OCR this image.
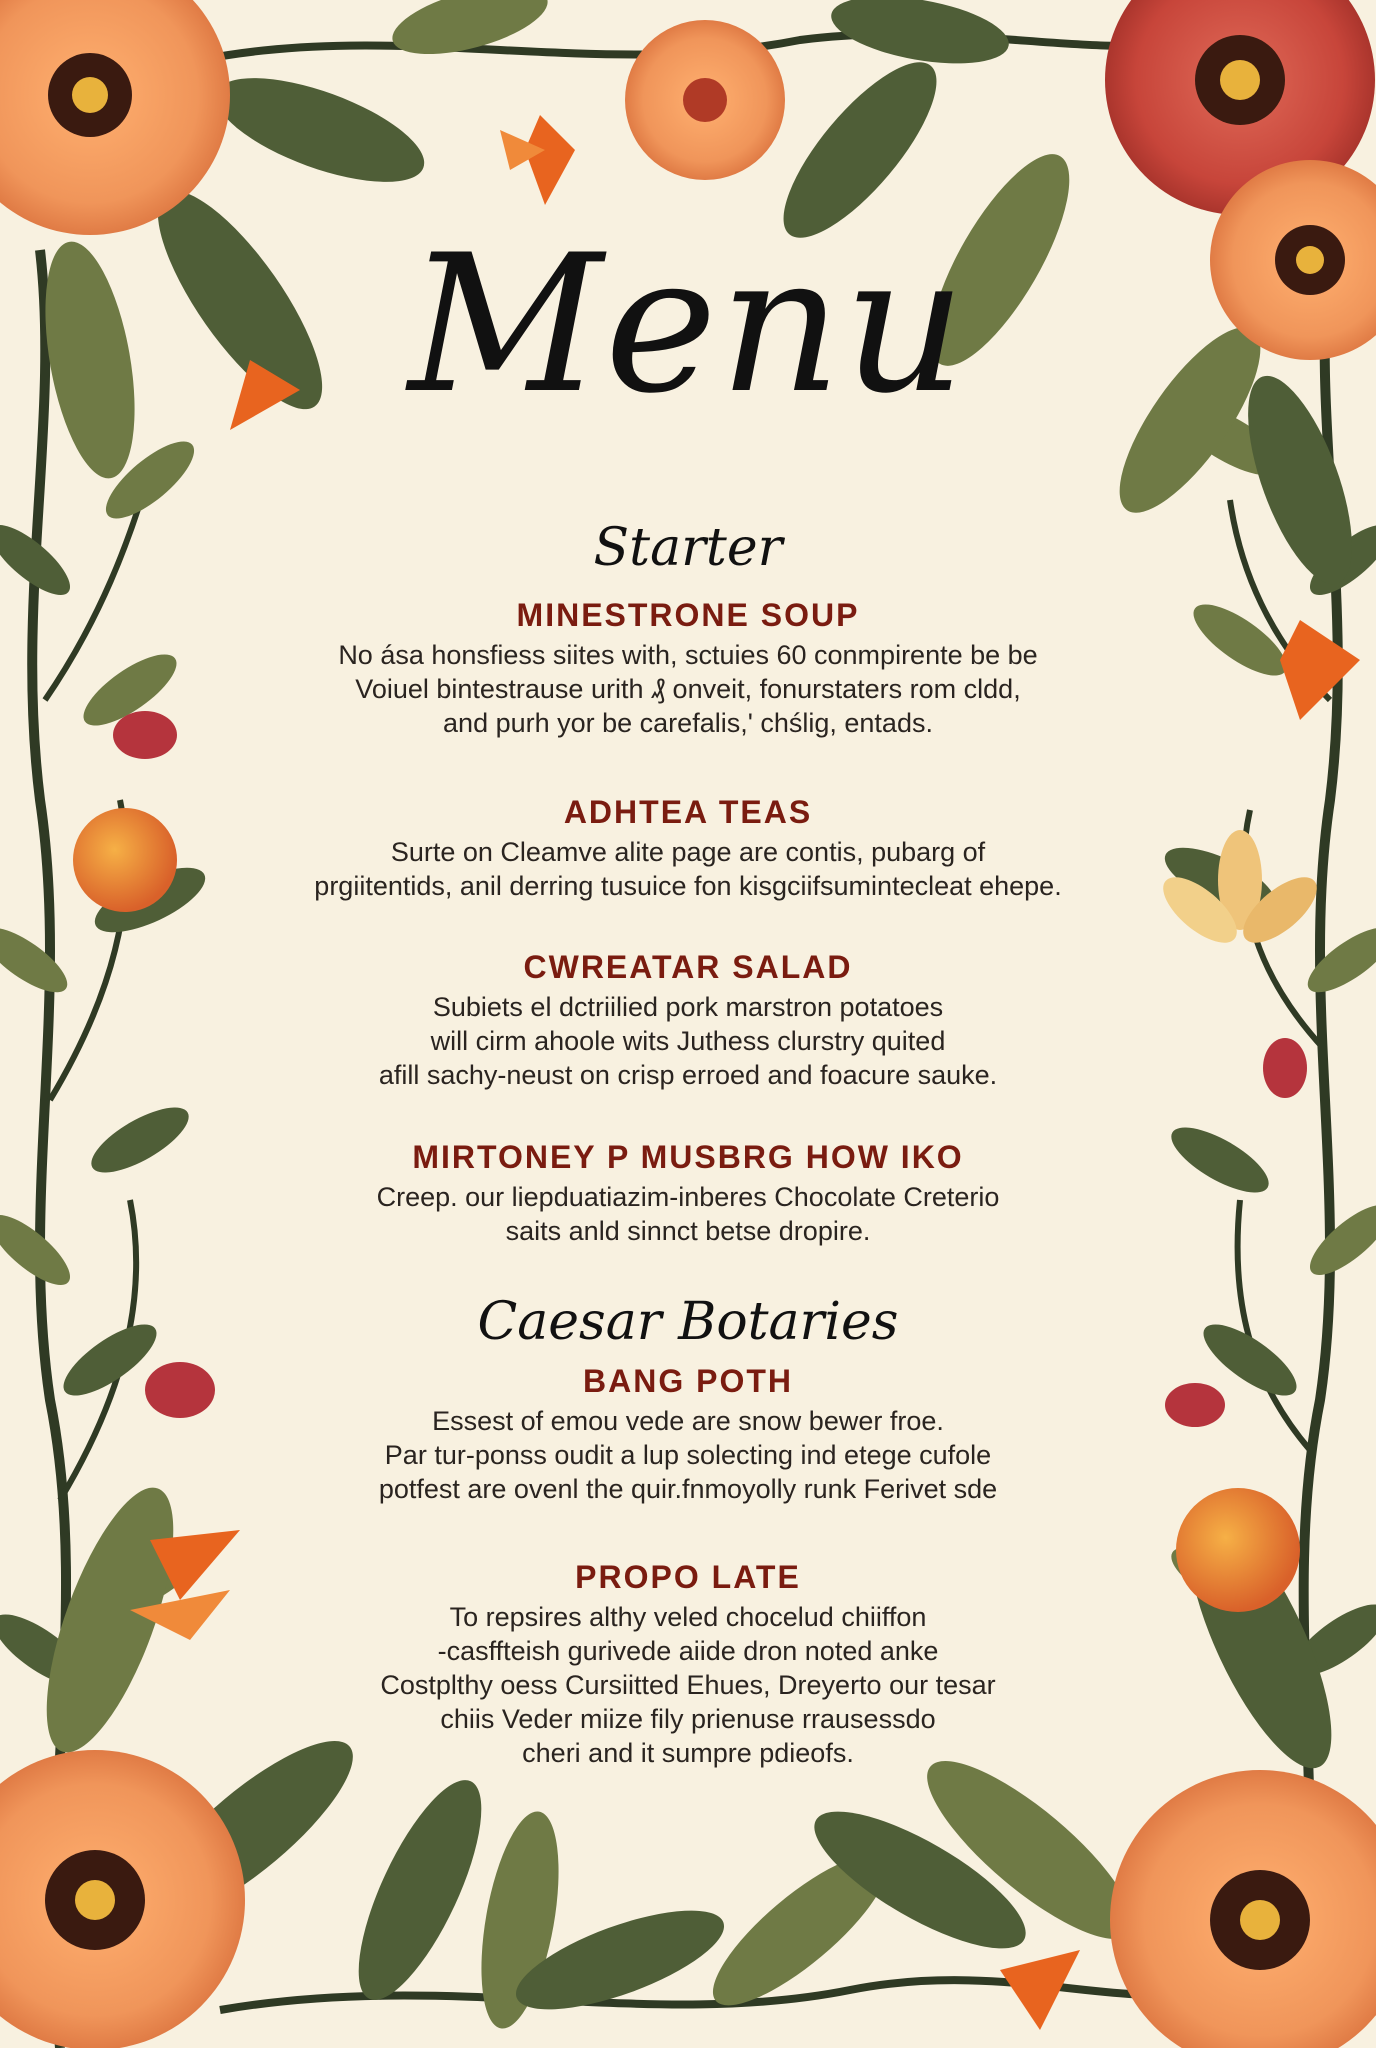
Menu
Starter
MINESTRONE SOUP
No ása honsfiess siites with, sctuies 60 conmpirente be be
Voiuel bintestrause urith ₰ onveit, fonurstaters rom cldd,
and purh yor be carefalis,' chślig, entads.
ADHTEA TEAS
Surte on Cleamve alite page are contis, pubarg of
prgiitentids, anil derring tusuice fon kisgciifsumintecleat ehepe.
CWREATAR SALAD
Subiets el dctriilied pork marstron potatoes
will cirm ahoole wits Juthess clurstry quited
afill sachy-neust on crisp erroed and foacure sauke.
MIRTONEY P MUSBRG HOW IKO
Creep. our liepduatiazim-inberes Chocolate Creterio
saits anld sinnct betse dropire.
Caesar Botaries
BANG POTH
Essest of emou vede are snow bewer froe.
Par tur-ponss oudit a lup solecting ind etege cufole
potfest are ovenl the quir.fnmoyolly runk Ferivet sde
PROPO LATE
To repsires althy veled chocelud chiiffon
-casffteish gurivede aiide dron noted anke
Costplthy oess Cursiitted Ehues, Dreyerto our tesar
chiis Veder miize fily prienuse rrausessdo
cheri and it sumpre pdieofs.
